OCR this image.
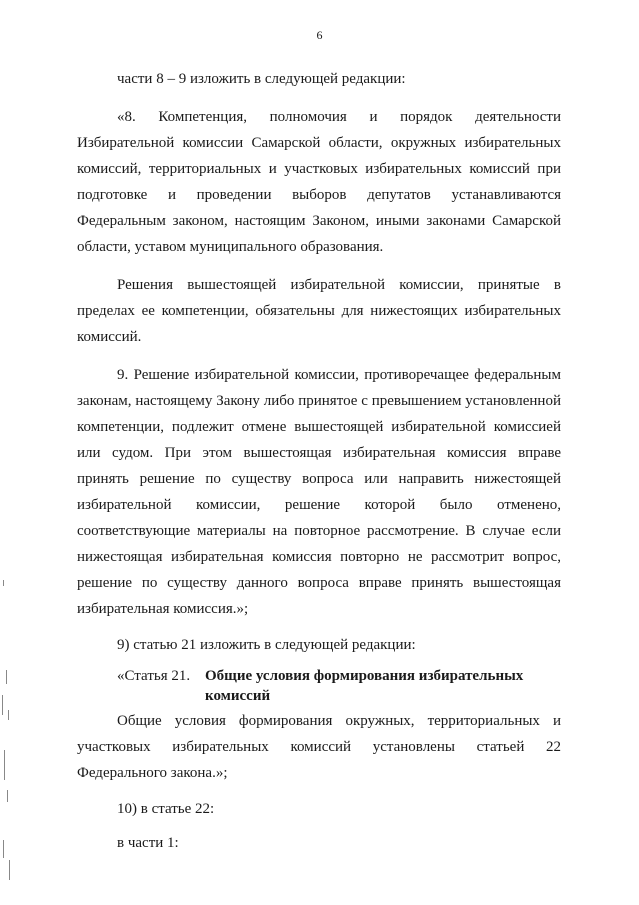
6

части 8 – 9 изложить в следующей редакции:

«8. Компетенция, полномочия и порядок деятельности Избирательной комиссии Самарской области, окружных избирательных комиссий, территориальных и участковых избирательных комиссий при подготовке и проведении выборов депутатов устанавливаются Федеральным законом, настоящим Законом, иными законами Самарской области, уставом муниципального образования.

Решения вышестоящей избирательной комиссии, принятые в пределах ее компетенции, обязательны для нижестоящих избирательных комиссий.

9. Решение избирательной комиссии, противоречащее федеральным законам, настоящему Закону либо принятое с превышением установленной компетенции, подлежит отмене вышестоящей избирательной комиссией или судом. При этом вышестоящая избирательная комиссия вправе принять решение по существу вопроса или направить нижестоящей избирательной комиссии, решение которой было отменено, соответствующие материалы на повторное рассмотрение. В случае если нижестоящая избирательная комиссия повторно не рассмотрит вопрос, решение по существу данного вопроса вправе принять вышестоящая избирательная комиссия.»;

9) статью 21 изложить в следующей редакции:

«Статья 21. Общие условия формирования избирательных комиссий

Общие условия формирования окружных, территориальных и участковых избирательных комиссий установлены статьей 22 Федерального закона.»;

10) в статье 22:

в части 1:
